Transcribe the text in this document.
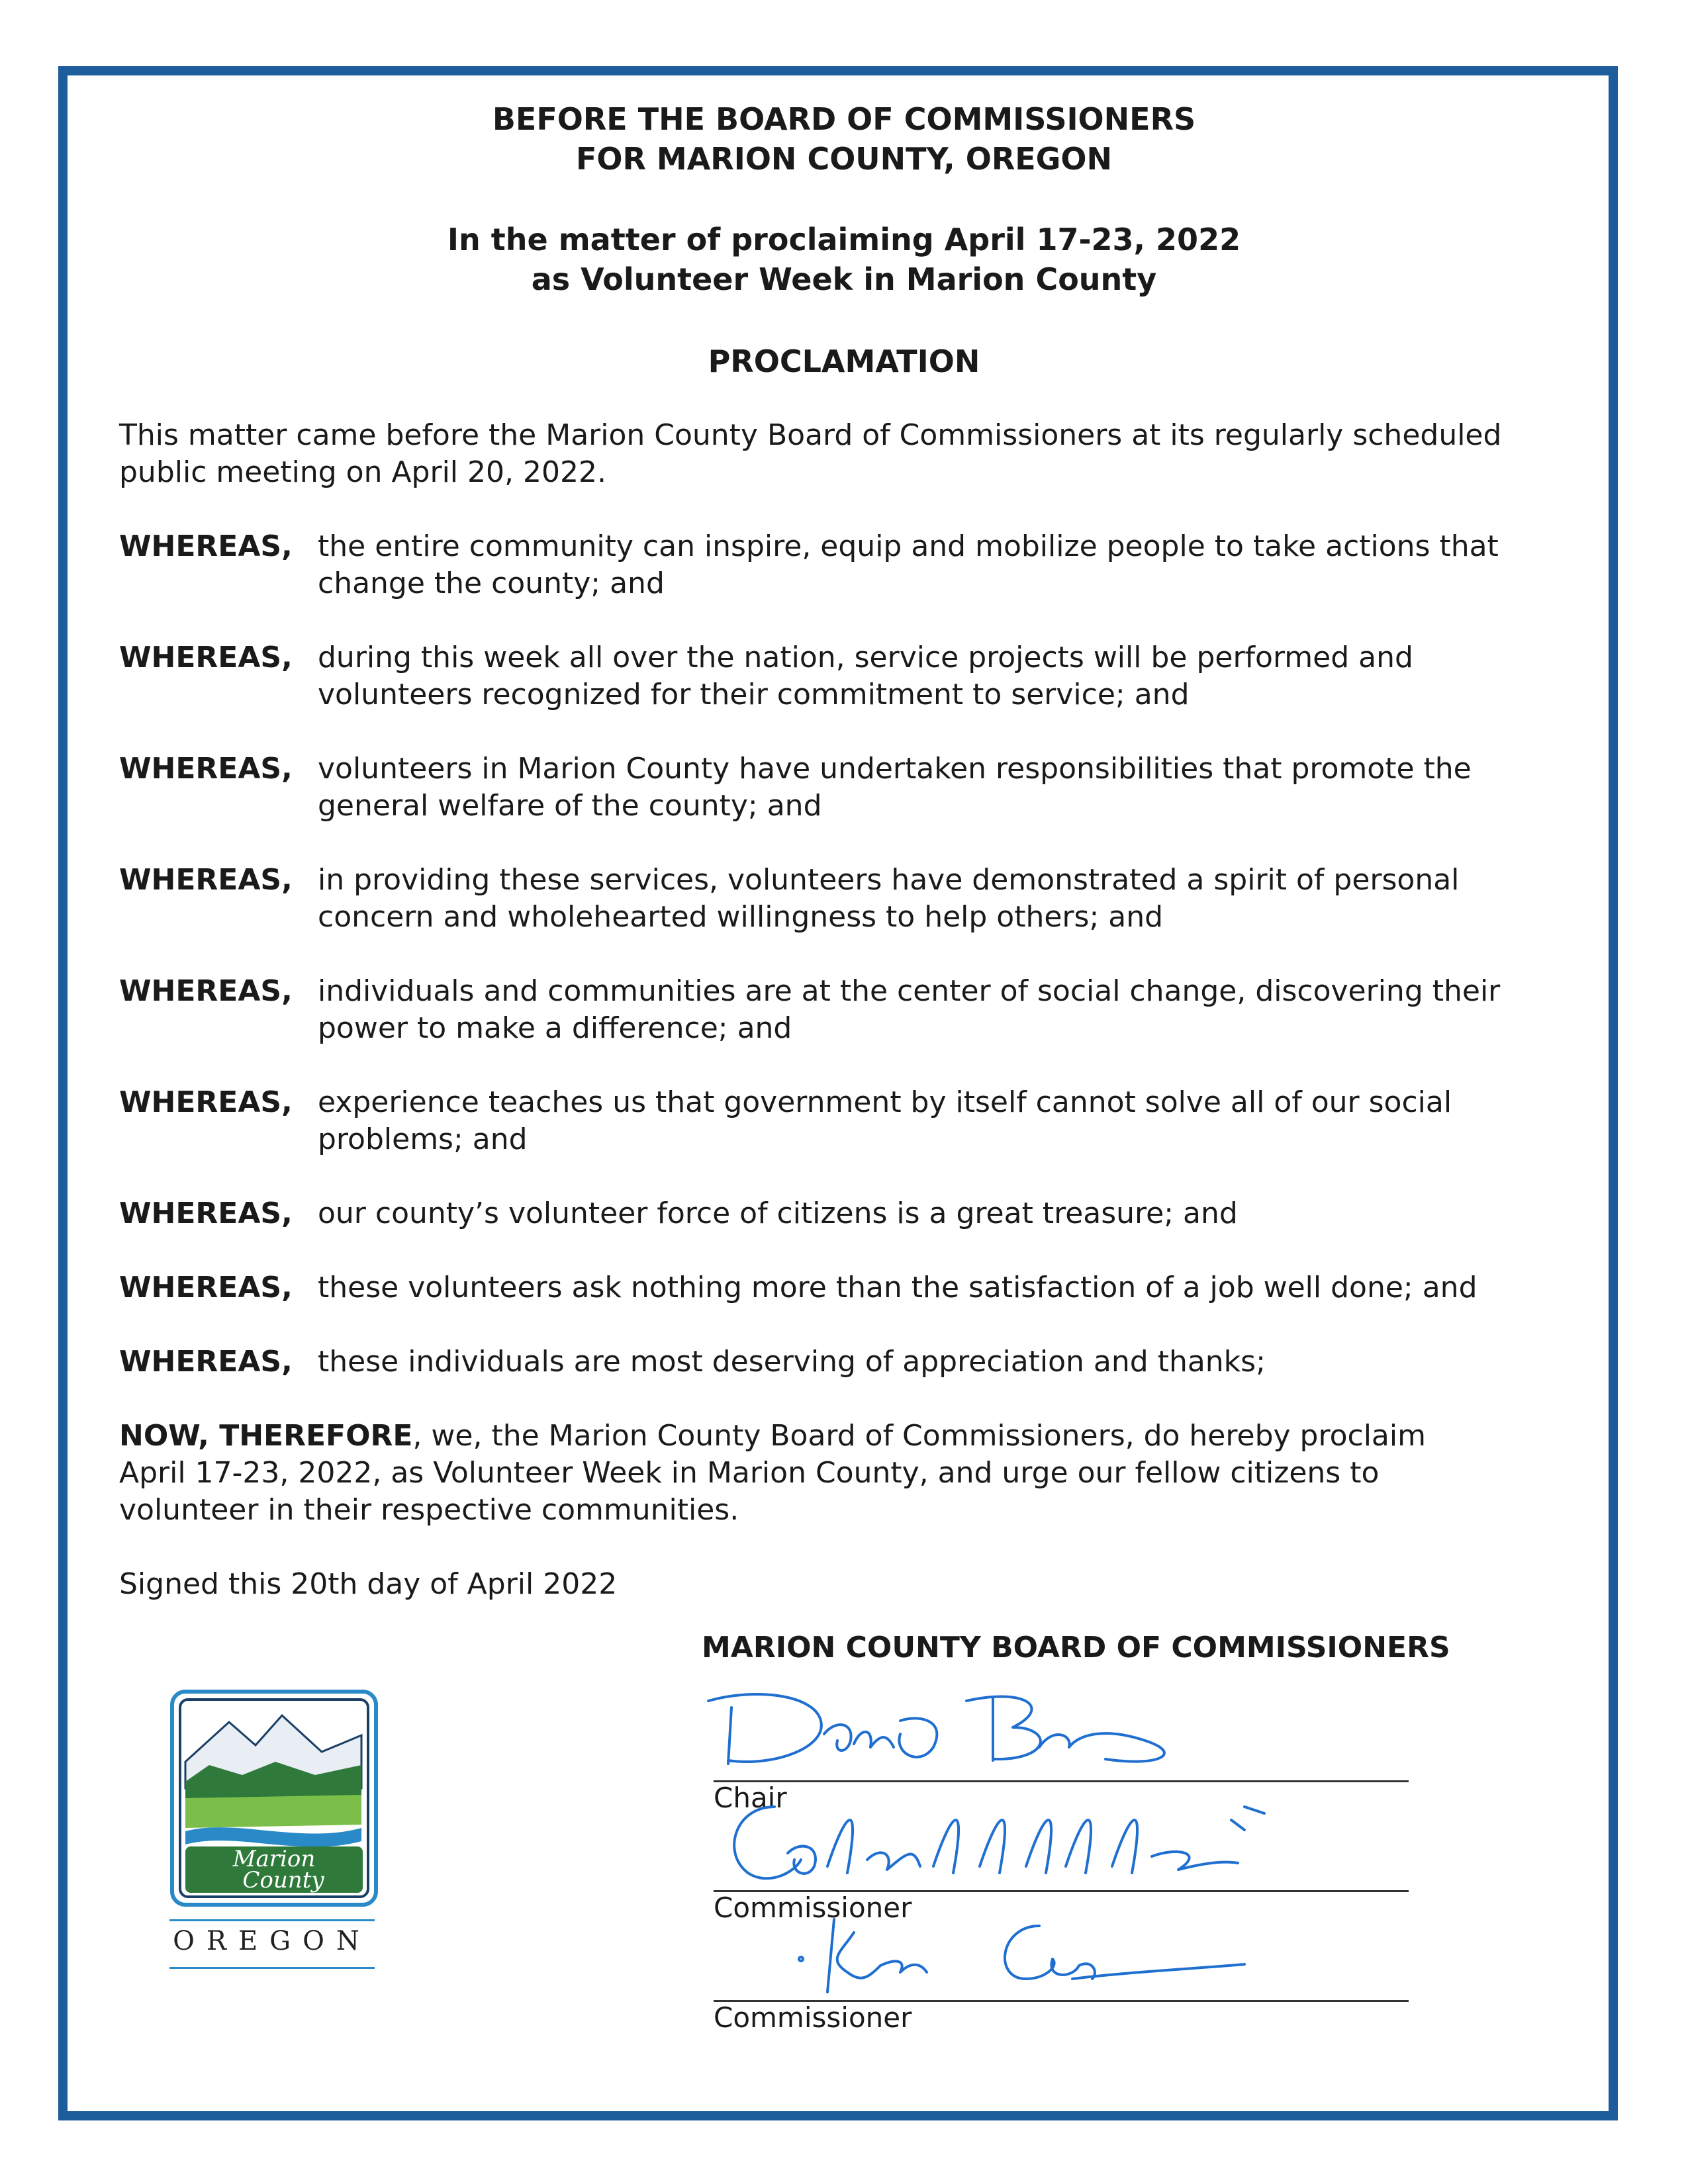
BEFORE THE BOARD OF COMMISSIONERS
FOR MARION COUNTY, OREGON
In the matter of proclaiming April 17-23, 2022
as Volunteer Week in Marion County
PROCLAMATION

This matter came before the Marion County Board of Commissioners at its regularly scheduled
public meeting on April 20, 2022.

WHEREAS, the entire community can inspire, equip and mobilize people to take actions that
change the county; and
WHEREAS, during this week all over the nation, service projects will be performed and
volunteers recognized for their commitment to service; and
WHEREAS, volunteers in Marion County have undertaken responsibilities that promote the
general welfare of the county; and
WHEREAS, in providing these services, volunteers have demonstrated a spirit of personal
concern and wholehearted willingness to help others; and
WHEREAS, individuals and communities are at the center of social change, discovering their
power to make a difference; and
WHEREAS, experience teaches us that government by itself cannot solve all of our social
problems; and
WHEREAS, our county’s volunteer force of citizens is a great treasure; and
WHEREAS, these volunteers ask nothing more than the satisfaction of a job well done; and
WHEREAS, these individuals are most deserving of appreciation and thanks;

NOW, THEREFORE, we, the Marion County Board of Commissioners, do hereby proclaim
April 17-23, 2022, as Volunteer Week in Marion County, and urge our fellow citizens to
volunteer in their respective communities.

Signed this 20th day of April 2022

MARION COUNTY BOARD OF COMMISSIONERS
Chair
Commissioner
Commissioner
Marion
County
OREGON
